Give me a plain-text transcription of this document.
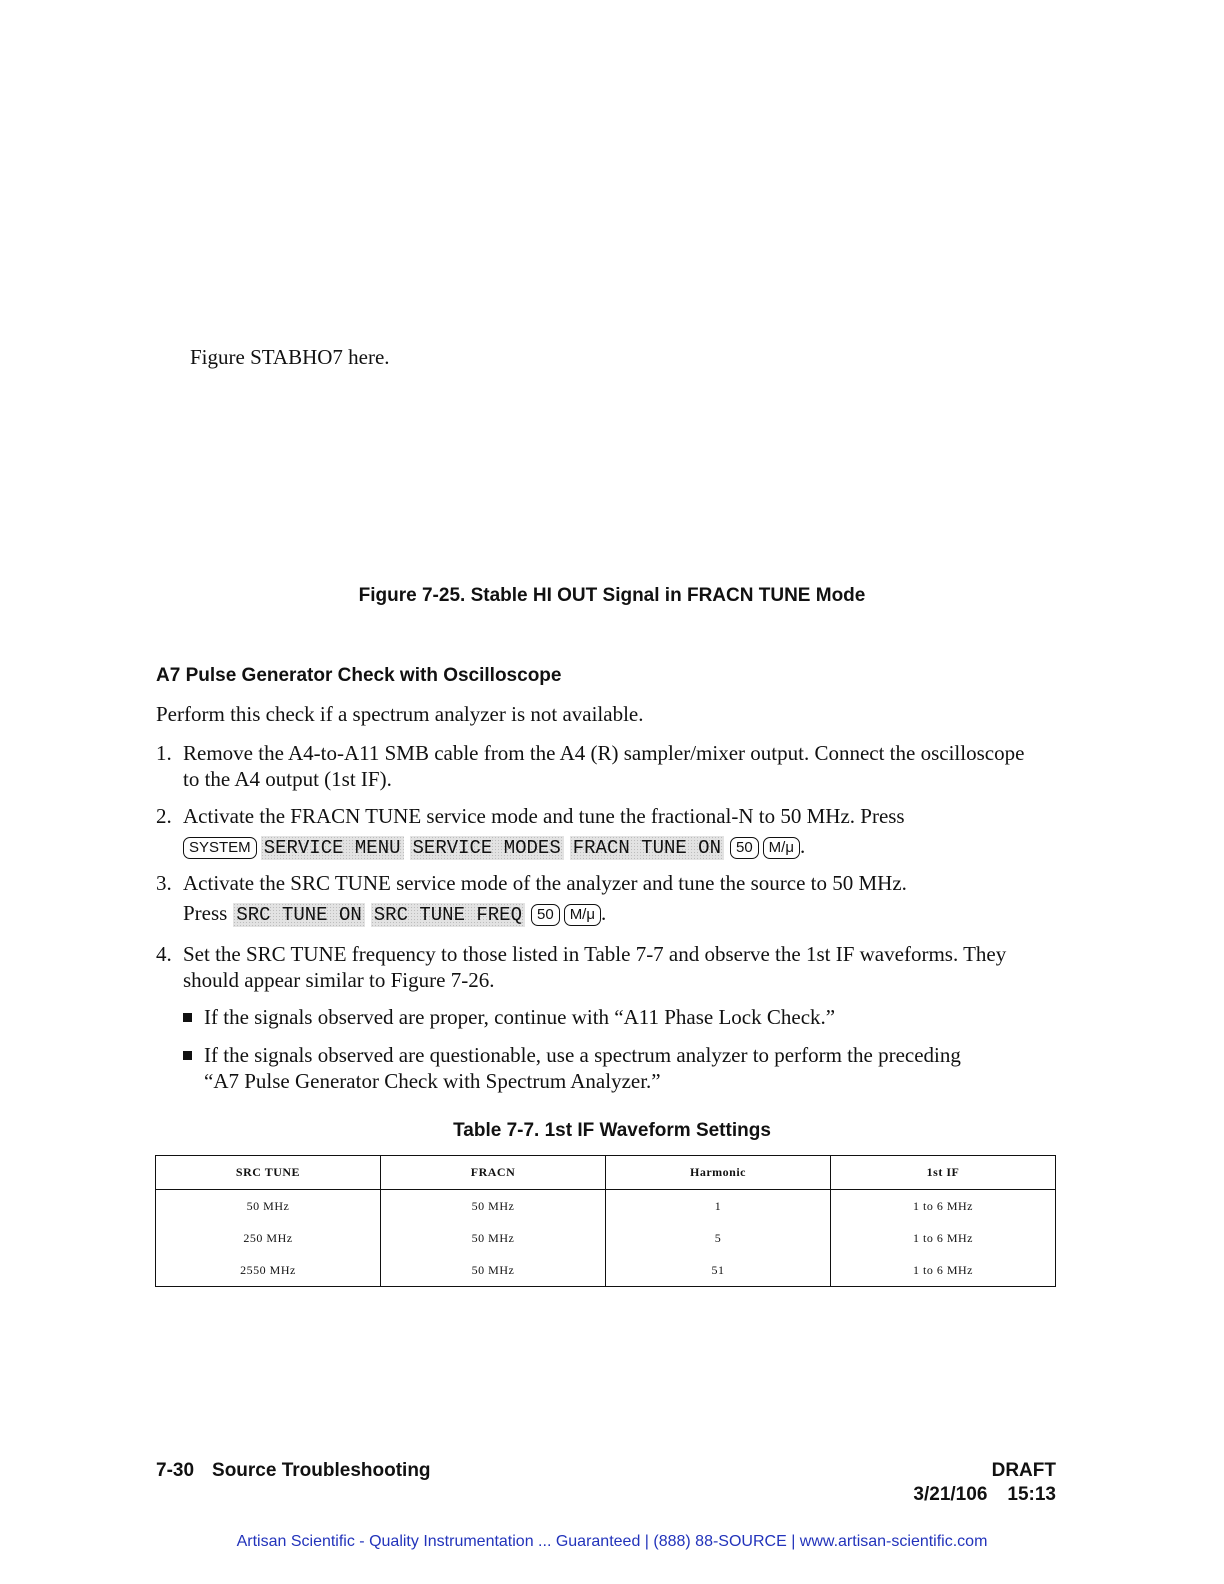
Figure STABHO7 here.
Figure 7-25. Stable HI OUT Signal in FRACN TUNE Mode
A7 Pulse Generator Check with Oscilloscope
Perform this check if a spectrum analyzer is not available.
1. Remove the A4-to-A11 SMB cable from the A4 (R) sampler/mixer output. Connect the oscilloscope to the A4 output (1st IF).
2. Activate the FRACN TUNE service mode and tune the fractional-N to 50 MHz. Press
SYSTEM SERVICE MENU SERVICE MODES FRACN TUNE ON 50 M/μ .
3. Activate the SRC TUNE service mode of the analyzer and tune the source to 50 MHz.
Press SRC TUNE ON SRC TUNE FREQ 50 M/μ .
4. Set the SRC TUNE frequency to those listed in Table 7-7 and observe the 1st IF waveforms. They should appear similar to Figure 7-26.
If the signals observed are proper, continue with “A11 Phase Lock Check.”
If the signals observed are questionable, use a spectrum analyzer to perform the preceding “A7 Pulse Generator Check with Spectrum Analyzer.”
Table 7-7. 1st IF Waveform Settings
SRC TUNE	FRACN	Harmonic	1st IF
50 MHz	50 MHz	1	1 to 6 MHz
250 MHz	50 MHz	5	1 to 6 MHz
2550 MHz	50 MHz	51	1 to 6 MHz
7-30 Source Troubleshooting	DRAFT
3/21/106 15:13
Artisan Scientific - Quality Instrumentation ... Guaranteed | (888) 88-SOURCE | www.artisan-scientific.com
